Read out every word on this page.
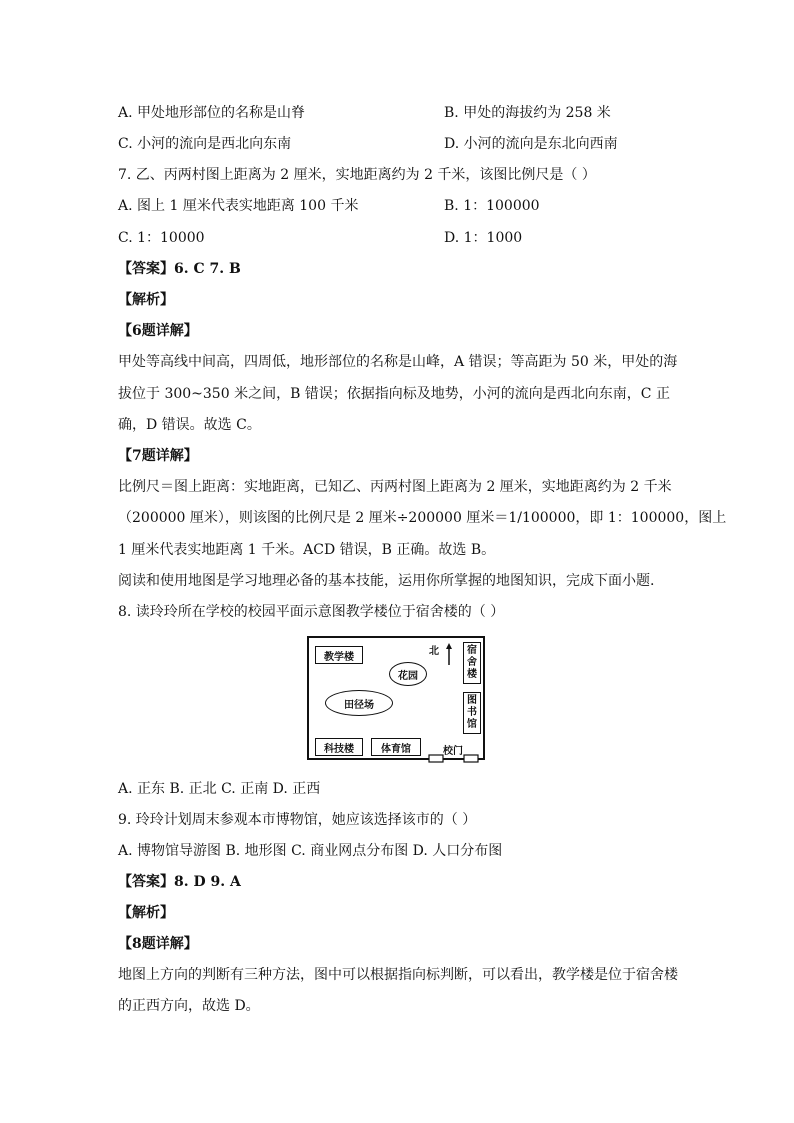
A. 甲处地形部位的名称是山脊	B. 甲处的海拔约为 258 米
C. 小河的流向是西北向东南	D. 小河的流向是东北向西南
7. 乙、丙两村图上距离为 2 厘米，实地距离约为 2 千米，该图比例尺是（ ）
A. 图上 1 厘米代表实地距离 100 千米	B. 1：100000
C. 1：10000	D. 1：1000
【答案】6. C 7. B
【解析】
【6题详解】
甲处等高线中间高，四周低，地形部位的名称是山峰，A 错误；等高距为 50 米，甲处的海
拔位于 300~350 米之间，B 错误；依据指向标及地势，小河的流向是西北向东南，C 正
确，D 错误。故选 C。
【7题详解】
比例尺＝图上距离：实地距离，已知乙、丙两村图上距离为 2 厘米，实地距离约为 2 千米
（200000 厘米），则该图的比例尺是 2 厘米÷200000 厘米＝1/100000，即 1：100000，图上
1 厘米代表实地距离 1 千米。ACD 错误，B 正确。故选 B。
阅读和使用地图是学习地理必备的基本技能，运用你所掌握的地图知识，完成下面小题.
8. 读玲玲所在学校的校园平面示意图教学楼位于宿舍楼的（ ）
教学楼
花园
田径场
北	宿
舍
楼
图
书
馆
科技楼	体育馆	校门
A. 正东 B. 正北 C. 正南 D. 正西
9. 玲玲计划周末参观本市博物馆，她应该选择该市的（ ）
A. 博物馆导游图 B. 地形图 C. 商业网点分布图 D. 人口分布图
【答案】8. D 9. A
【解析】
【8题详解】
地图上方向的判断有三种方法，图中可以根据指向标判断，可以看出，教学楼是位于宿舍楼
的正西方向，故选 D。
